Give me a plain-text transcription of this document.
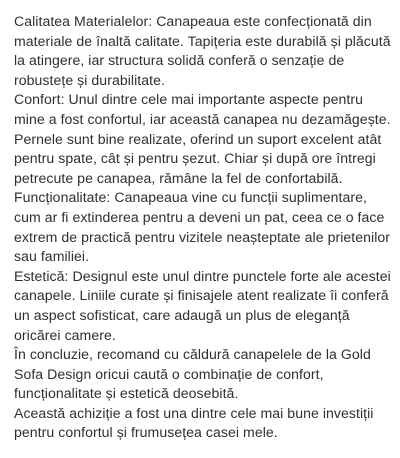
Calitatea Materialelor: Canapeaua este confecționată din materiale de înaltă calitate. Tapițeria este durabilă și plăcută la atingere, iar structura solidă conferă o senzație de robustețe și durabilitate.

Confort: Unul dintre cele mai importante aspecte pentru mine a fost confortul, iar această canapea nu dezamăgește. Pernele sunt bine realizate, oferind un suport excelent atât pentru spate, cât și pentru șezut. Chiar și după ore întregi petrecute pe canapea, rămâne la fel de confortabilă.

Funcționalitate: Canapeaua vine cu funcții suplimentare, cum ar fi extinderea pentru a deveni un pat, ceea ce o face extrem de practică pentru vizitele neașteptate ale prietenilor sau familiei.

Estetică: Designul este unul dintre punctele forte ale acestei canapele. Liniile curate și finisajele atent realizate îi conferă un aspect sofisticat, care adaugă un plus de eleganță oricărei camere.

În concluzie, recomand cu căldură canapelele de la Gold Sofa Design oricui caută o combinație de confort, funcționalitate și estetică deosebită.

Această achiziție a fost una dintre cele mai bune investiții pentru confortul și frumusețea casei mele.
